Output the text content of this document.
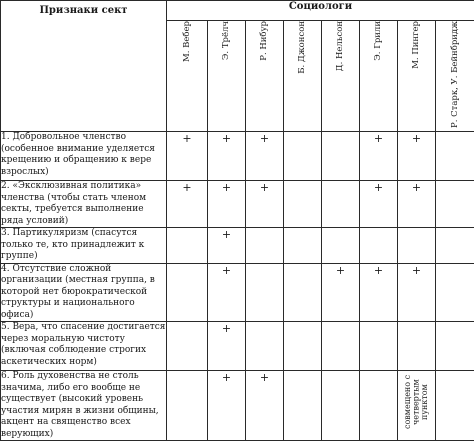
Признаки сект	Социологи							
	М. Вебер	Э. Трёлч	Р. Нибур	Б. Джонсон	Д. Нельсон	Э. Грили	М. Пингер	Р. Старк, У. Бейнбридж
1. Добровольное членство (особенное внимание уделяется крещению и обращению к вере взрослых)	+	+	+			+	+	
2. «Эксклюзивная политика» членства (чтобы стать членом секты, требуется выполнение ряда условий)	+	+	+			+	+	
3. Партикуляризм (спасутся только те, кто принадлежит к группе)		+						
4. Отсутствие сложной организации (местная группа, в которой нет бюрократической структуры и национального офиса)		+			+	+	+	
5. Вера, что спасение достигается через моральную чистоту (включая соблюдение строгих аскетических норм)		+						
6. Роль духовенства не столь значима, либо его вообще не существует (высокий уровень участия мирян в жизни общины, акцент на священство всех верующих)		+	+				совмещено с четвертым пунктом	
